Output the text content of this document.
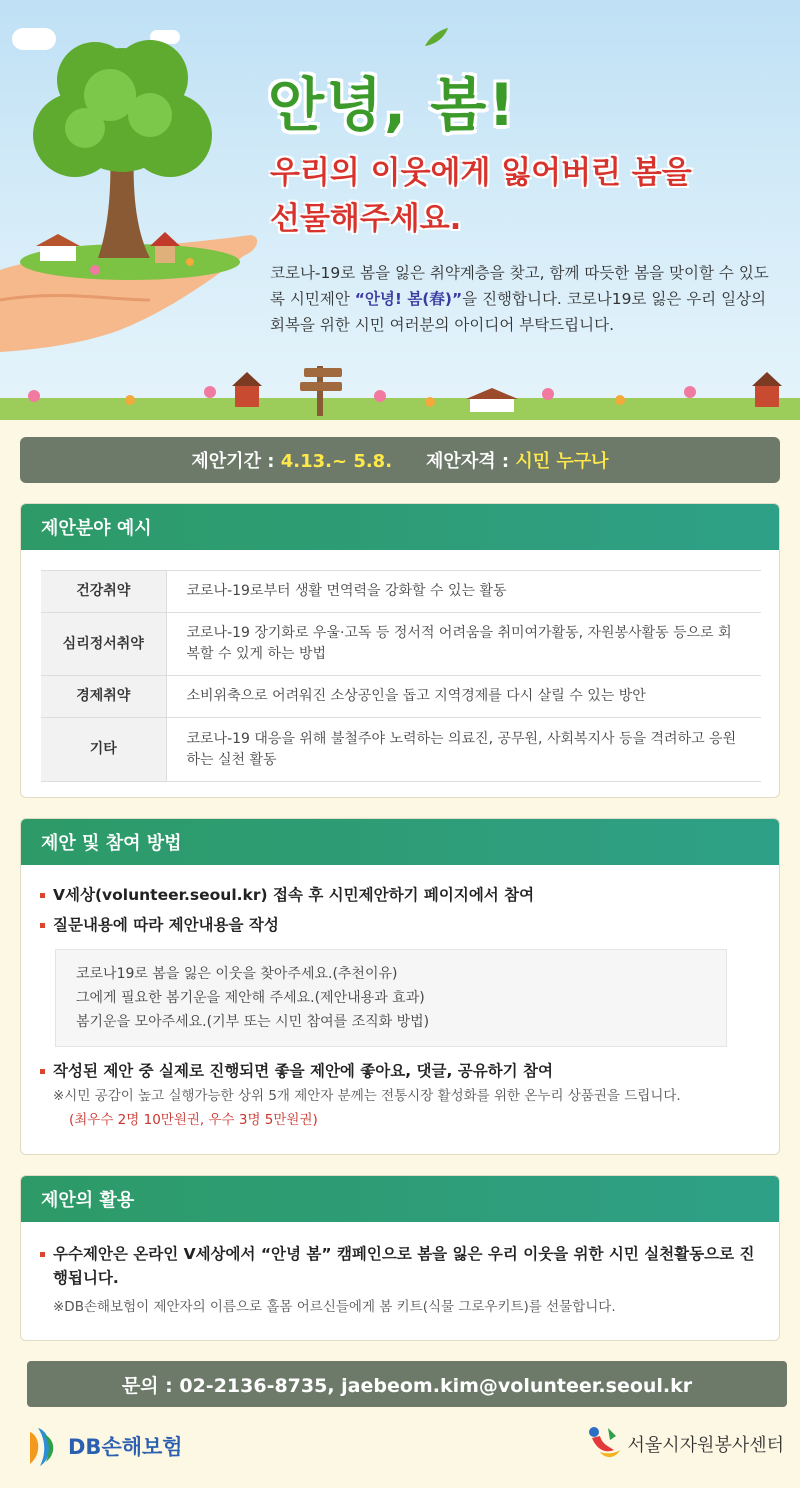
안녕, 봄!
우리의 이웃에게 잃어버린 봄을
선물해주세요.
코로나-19로 봄을 잃은 취약계층을 찾고, 함께 따듯한 봄을 맞이할 수 있도록 시민제안 “안녕! 봄(春)”을 진행합니다. 코로나19로 잃은 우리 일상의 회복을 위한 시민 여러분의 아이디어 부탁드립니다.
제안기간 : 4.13.~ 5.8. 제안자격 : 시민 누구나
제안분야 예시
건강취약	코로나-19로부터 생활 면역력을 강화할 수 있는 활동
심리정서취약	코로나-19 장기화로 우울·고독 등 정서적 어려움을 취미여가활동, 자원봉사활동 등으로 회복할 수 있게 하는 방법
경제취약	소비위축으로 어려워진 소상공인을 돕고 지역경제를 다시 살릴 수 있는 방안
기타	코로나-19 대응을 위해 불철주야 노력하는 의료진, 공무원, 사회복지사 등을 격려하고 응원하는 실천 활동
제안 및 참여 방법
V세상(volunteer.seoul.kr) 접속 후 시민제안하기 페이지에서 참여
질문내용에 따라 제안내용을 작성
코로나19로 봄을 잃은 이웃을 찾아주세요.(추천이유)
그에게 필요한 봄기운을 제안해 주세요.(제안내용과 효과)
봄기운을 모아주세요.(기부 또는 시민 참여를 조직화 방법)
작성된 제안 중 실제로 진행되면 좋을 제안에 좋아요, 댓글, 공유하기 참여
※시민 공감이 높고 실행가능한 상위 5개 제안자 분께는 전통시장 활성화를 위한 온누리 상품권을 드립니다.
(최우수 2명 10만원권, 우수 3명 5만원권)
제안의 활용
우수제안은 온라인 V세상에서 “안녕 봄” 캠페인으로 봄을 잃은 우리 이웃을 위한 시민 실천활동으로 진행됩니다.
※DB손해보험이 제안자의 이름으로 홀몸 어르신들에게 봄 키트(식물 그로우키트)를 선물합니다.
문의 : 02-2136-8735, jaebeom.kim@volunteer.seoul.kr
DB손해보험	서울시자원봉사센터
